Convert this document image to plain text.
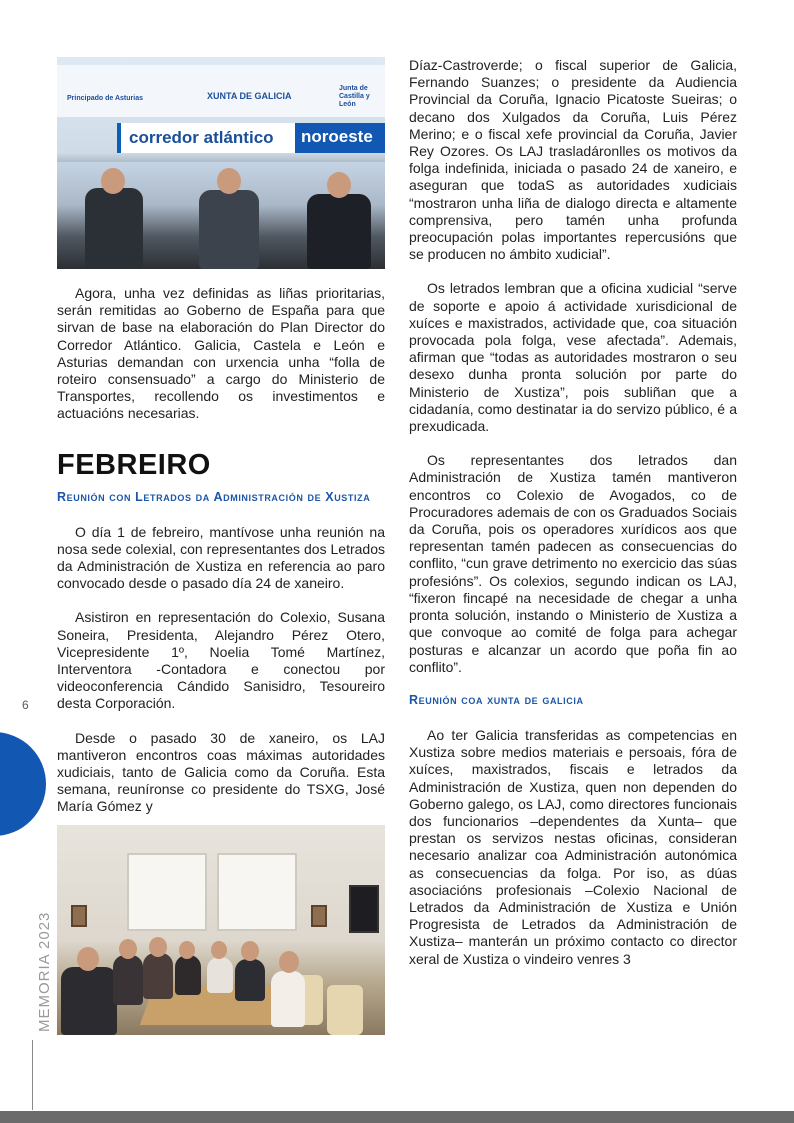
6
MEMORIA 2023
Principado de Asturias	XUNTA DE GALICIA
Junta de Castilla y León
corredor atlántico	noroeste

Agora, unha vez definidas as liñas prioritarias, serán remitidas ao Goberno de España para que sirvan de base na elaboración do Plan Director do Corredor Atlántico. Galicia, Castela e León e Asturias demandan con urxencia unha “folla de roteiro consensuado” a cargo do Ministerio de Transportes, recollendo os investimentos e actuacións necesarias.

FEBREIRO
Reunión con Letrados da Administración de Xustiza

O día 1 de febreiro, mantívose unha reunión na nosa sede colexial, con representantes dos Letrados da Administración de Xustiza en referencia ao paro convocado desde o pasado día 24 de xaneiro.

Asistiron en representación do Colexio, Susana Soneira, Presidenta, Alejandro Pérez Otero, Vicepresidente 1º, Noelia Tomé Martínez, Interventora -Contadora e conectou por videoconferencia Cándido Sanisidro, Tesoureiro desta Corporación.

Desde o pasado 30 de xaneiro, os LAJ mantiveron encontros coas máximas autoridades xudiciais, tanto de Galicia como da Coruña. Esta semana, reuníronse co presidente do TSXG, José María Gómez y

Díaz-Castroverde; o fiscal superior de Galicia, Fernando Suanzes; o presidente da Audiencia Provincial da Coruña, Ignacio Picatoste Sueiras; o decano dos Xulgados da Coruña, Luis Pérez Merino; e o fiscal xefe provincial da Coruña, Javier Rey Ozores. Os LAJ trasladáronlles os motivos da folga indefinida, iniciada o pasado 24 de xaneiro, e aseguran que todaS as autoridades xudiciais “mostraron unha liña de dialogo directa e altamente comprensiva, pero tamén unha profunda preocupación polas importantes repercusións que se producen no ámbito xudicial”.

Os letrados lembran que a oficina xudicial “serve de soporte e apoio á actividade xurisdicional de xuíces e maxistrados, actividade que, coa situación provocada pola folga, vese afectada”. Ademais, afirman que “todas as autoridades mostraron o seu desexo dunha pronta solución por parte do Ministerio de Xustiza”, pois subliñan que a cidadanía, como destinatar ia do servizo público, é a prexudicada.

Os representantes dos letrados dan Administración de Xustiza tamén mantiveron encontros co Colexio de Avogados, co de Procuradores ademais de con os Graduados Sociais da Coruña, pois os operadores xurídicos aos que representan tamén padecen as consecuencias do conflito, “cun grave detrimento no exercicio das súas profesións”. Os colexios, segundo indican os LAJ, “fixeron fincapé na necesidade de chegar a unha pronta solución, instando o Ministerio de Xustiza a que convoque ao comité de folga para achegar posturas e alcanzar un acordo que poña fin ao conflito”.

Reunión coa xunta de galicia

Ao ter Galicia transferidas as competencias en Xustiza sobre medios materiais e persoais, fóra de xuíces, maxistrados, fiscais e letrados da Administración de Xustiza, quen non dependen do Goberno galego, os LAJ, como directores funcionais dos funcionarios –dependentes da Xunta– que prestan os servizos nestas oficinas, consideran necesario analizar coa Administración autonómica as consecuencias da folga. Por iso, as dúas asociacións profesionais –Colexio Nacional de Letrados da Administración de Xustiza e Unión Progresista de Letrados da Administración de Xustiza– manterán un próximo contacto co director xeral de Xustiza o vindeiro venres 3
